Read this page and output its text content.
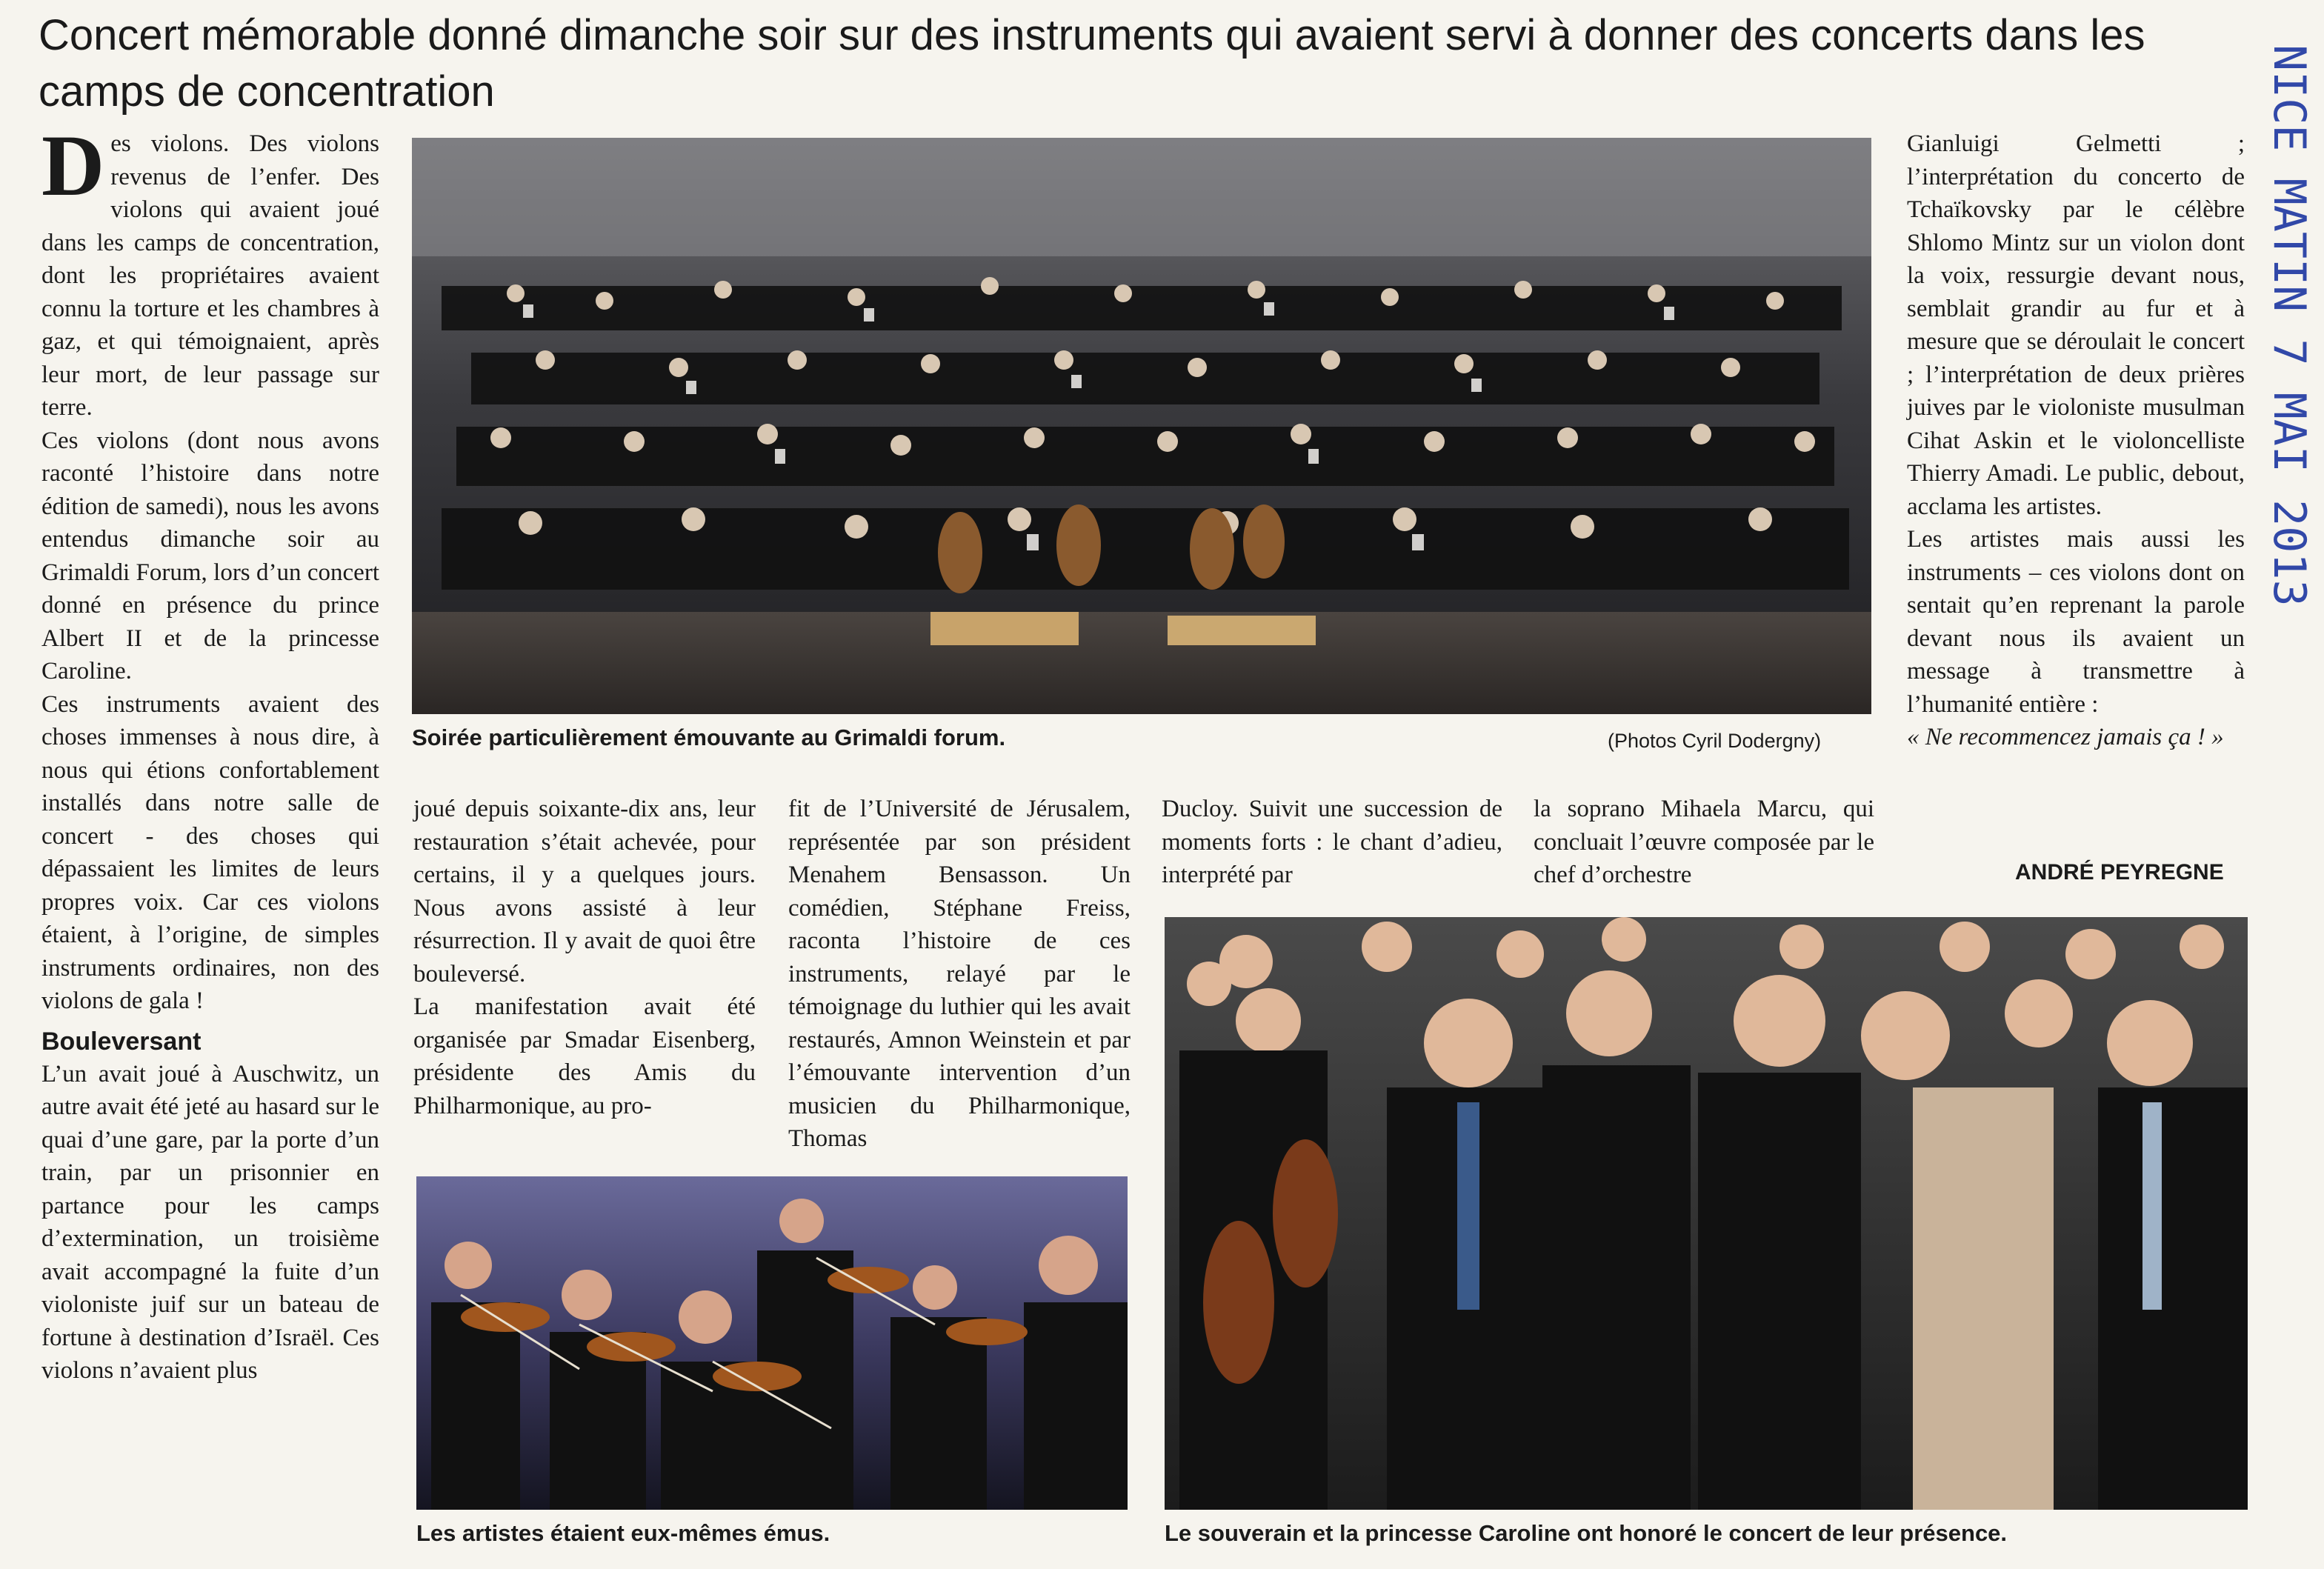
Concert mémorable donné dimanche soir sur des instruments qui avaient servi à donner des concerts dans les camps de concentration	NICE MATIN 7 MAI 2013

Des violons. Des violons revenus de l’enfer. Des violons qui avaient joué dans les camps de concentration, dont les propriétaires avaient connu la torture et les chambres à gaz, et qui témoignaient, après leur mort, de leur passage sur terre.

Ces violons (dont nous avons raconté l’histoire dans notre édition de samedi), nous les avons entendus dimanche soir au Grimaldi Forum, lors d’un concert donné en présence du prince Albert II et de la princesse Caroline.

Ces instruments avaient des choses immenses à nous dire, à nous qui étions confortablement installés dans notre salle de concert - des choses qui dépassaient les limites de leurs propres voix. Car ces violons étaient, à l’origine, de simples instruments ordinaires, non des violons de gala !

Bouleversant

L’un avait joué à Auschwitz, un autre avait été jeté au hasard sur le quai d’une gare, par la porte d’un train, par un prisonnier en partance pour les camps d’extermination, un troisième avait accompagné la fuite d’un violoniste juif sur un bateau de fortune à destination d’Israël. Ces violons n’avaient plus

Soirée particulièrement émouvante au Grimaldi forum.	(Photos Cyril Dodergny)

joué depuis soixante-dix ans, leur restauration s’était achevée, pour certains, il y a quelques jours. Nous avons assisté à leur résurrection. Il y avait de quoi être bouleversé.

La manifestation avait été organisée par Smadar Eisenberg, présidente des Amis du Philharmonique, au pro-

fit de l’Université de Jérusalem, représentée par son président Menahem Bensasson. Un comédien, Stéphane Freiss, raconta l’histoire de ces instruments, relayé par le témoignage du luthier qui les avait restaurés, Amnon Weinstein et par l’émouvante intervention d’un musicien du Philharmonique, Thomas

Ducloy. Suivit une succession de moments forts : le chant d’adieu, interprété par

la soprano Mihaela Marcu, qui concluait l’œuvre composée par le chef d’orchestre

Gianluigi Gelmetti ; l’interprétation du concerto de Tchaïkovsky par le célèbre Shlomo Mintz sur un violon dont la voix, ressurgie devant nous, semblait grandir au fur et à mesure que se déroulait le concert ; l’interprétation de deux prières juives par le violoniste musulman Cihat Askin et le violoncelliste Thierry Amadi. Le public, debout, acclama les artistes.

Les artistes mais aussi les instruments – ces violons dont on sentait qu’en reprenant la parole devant nous ils avaient un message à transmettre à l’humanité entière :

« Ne recommencez jamais ça ! »

ANDRÉ PEYREGNE
Les artistes étaient eux-mêmes émus.	Le souverain et la princesse Caroline ont honoré le concert de leur présence.
